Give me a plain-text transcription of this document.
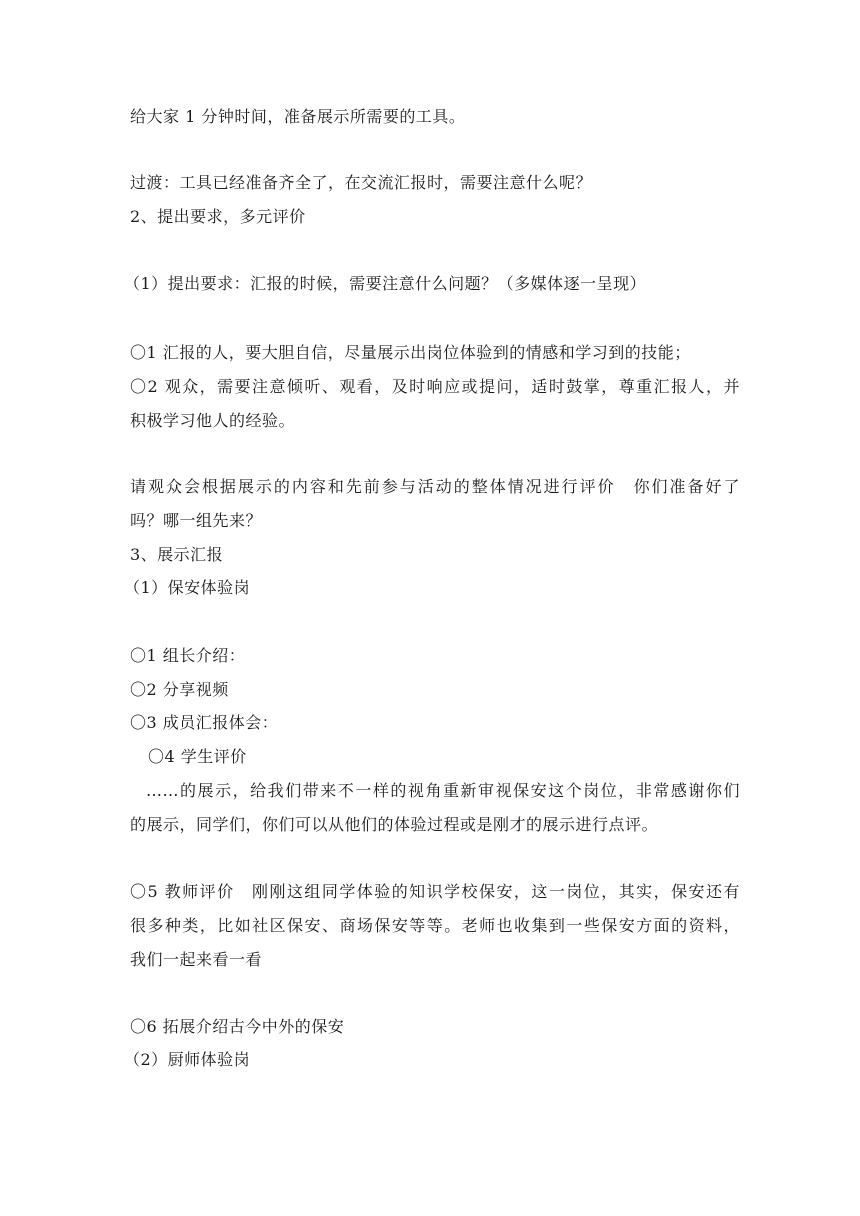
给大家 1 分钟时间，准备展示所需要的工具。
过渡：工具已经准备齐全了，在交流汇报时，需要注意什么呢？
2、提出要求，多元评价
（1）提出要求：汇报的时候，需要注意什么问题？（多媒体逐一呈现）
〇1 汇报的人，要大胆自信，尽量展示出岗位体验到的情感和学习到的技能；
〇2 观众，需要注意倾听、观看，及时响应或提问，适时鼓掌，尊重汇报人，并
积极学习他人的经验。
请观众会根据展示的内容和先前参与活动的整体情况进行评价　你们准备好了
吗？哪一组先来？
3、展示汇报
（1）保安体验岗
〇1 组长介绍：
〇2 分享视频
〇3 成员汇报体会：
〇4 学生评价
……的展示，给我们带来不一样的视角重新审视保安这个岗位，非常感谢你们
的展示，同学们，你们可以从他们的体验过程或是刚才的展示进行点评。
〇5 教师评价　刚刚这组同学体验的知识学校保安，这一岗位，其实，保安还有
很多种类，比如社区保安、商场保安等等。老师也收集到一些保安方面的资料，
我们一起来看一看
〇6 拓展介绍古今中外的保安
（2）厨师体验岗
